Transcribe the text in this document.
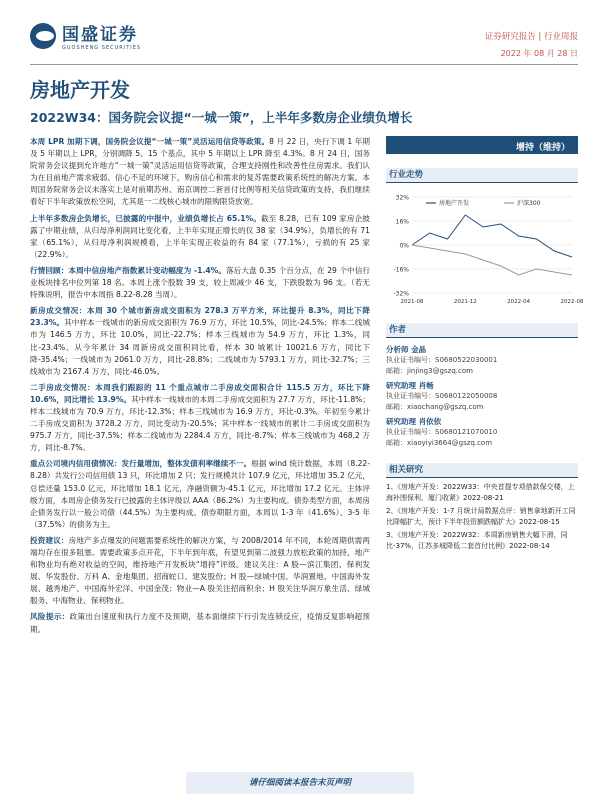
国盛证券
GUOSHENG SECURITIES
证券研究报告 | 行业周报
2022 年 08 月 28 日
房地产开发
2022W34：国务院会议提“一城一策”，上半年多数房企业绩负增长

本周 LPR 加期下调，国务院会议提“一城一策”灵活运用信贷等政策。8 月 22 日，央行下调 1 年期及 5 年期以上 LPR，分别调降 5、15 个基点，其中 5 年期以上 LPR 降至 4.3%。8 月 24 日，国务院常务会议提到允许地方“一城一策”灵活运用信贷等政策，合理支持刚性和改善性住房需求。我们认为在目前地产需求疲弱、信心不足的环境下，购房信心和需求的复苏需要政策系统性的解决方案。本周国务院常务会议未落实上是对前期苏州、南京调控二套首付比例等相关信贷政策的支持，我们继续看好下半年政策放松空间，尤其是一二线核心城市的限购限贷放宽。

上半年多数房企负增长，已披露的中报中，业绩负增长占 65.1%。截至 8.28，已有 109 家房企披露了中期业绩，从归母净利润同比变化看，上半年实现正增长的仅 38 家（34.9%），负增长的有 71 家（65.1%），从归母净利润规模看，上半年实现正收益的有 84 家（77.1%），亏损的有 25 家（22.9%）。

行情回顾：本周中信房地产指数累计变动幅度为 -1.4%。落后大盘 0.35 个百分点，在 29 个中信行业板块排名中位列第 18 名。本周上涨个股数 39 支，较上周减少 46 支，下跌股数为 96 支。（若无特殊说明，报告中本周指 8.22-8.28 当周）。

新房成交情况：本周 30 个城市新房成交面积为 278.3 万平方米，环比提升 8.3%，同比下降 23.3%。其中样本一线城市的新房成交面积为 76.9 万方，环比 10.5%，同比-24.5%；样本二线城市为 146.5 万方，环比 10.0%，同比-22.7%；样本三线城市为 54.9 万方，环比 1.3%，同比-23.4%。从今年累计 34 周新房成交面积同比看，样本 30 城累计 10021.6 万方，同比下降-35.4%；一线城市为 2061.0 万方，同比-28.8%；二线城市为 5793.1 万方，同比-32.7%；三线城市为 2167.4 万方，同比-46.0%。

二手房成交情况：本周我们跟踪的 11 个重点城市二手房成交面积合计 115.5 万方，环比下降 10.6%，同比增长 13.9%。其中样本一线城市的本周二手房成交面积为 27.7 万方，环比-11.8%；样本二线城市为 70.9 万方，环比-12.3%；样本三线城市为 16.9 万方，环比-0.3%。年初至今累计二手房成交面积为 3728.2 万方，同比变动为-20.5%；其中样本一线城市的累计二手房成交面积为 975.7 万方，同比-37.5%；样本二线城市为 2284.4 万方，同比-8.7%；样本三线城市为 468.2 万方，同比-8.7%。

重点公司境内信用债情况：发行量增加，整体发债利率继续不一。根据 wind 统计数据，本周（8.22-8.28）共发行公司信用债 13 只，环比增加 2 只；发行规模共计 107.9 亿元，环比增加 35.2 亿元，总偿还量 153.0 亿元，环比增加 18.1 亿元，净融资额为-45.1 亿元，环比增加 17.2 亿元。主体评级方面，本周房企债务发行已披露的主体评级以 AAA（86.2%）为主要构成。债券类型方面，本周房企债务发行以一般公司债（44.5%）为主要构成。债券期限方面，本周以 1-3 年（41.6%）、3-5 年（37.5%）的债务为主。

投资建议：房地产多点爆发的问题需要系统性的解决方案，与 2008/2014 年不同，本轮周期供需两端均存在很多阻塞。需要政策多点开花，下半年到年底，有望见到第二波强力放松政策的加持，地产和物业均有绝对收益的空间，维持地产开发板块“增持”评级。建议关注：A 股—滨江集团、保利发展、华发股份、万科 A、金地集团、招商蛇口、建发股份；H 股—绿城中国、华润置地、中国海外发展、越秀地产、中国海外宏洋、中国金茂；物业—A 股关注招商积余；H 股关注华润万象生活、绿城服务、中海物业、保利物业。

风险提示：政策出台速度和执行力度不及预期，基本面继续下行引发连锁反应，疫情反复影响超预期。

增持（维持）
行业走势
32%
16%
0%
-16%
-32%
2021-08	2021-12	2022-04	2022-08
房地产开发	沪深300
作者
分析师 金晶
执业证书编号：S0680522030001
邮箱：jinjing3@gszq.com
研究助理 肖畅
执业证书编号：S0680122050008
邮箱：xiaochang@gszq.com
研究助理 肖依依
执业证书编号：S0680121070010
邮箱：xiaoyiyi3664@gszq.com
相关研究

1、《房地产开发：2022W33：中央首提专项借款保交楼，上海补围保利、厦门收紧》2022-08-21

2、《房地产开发：1-7 月统计局数据点评：销售拿地新开工同比降幅扩大，预计下半年投资额跌幅扩大》2022-08-15

3、《房地产开发：2022W32：本周新房销售大幅下滑，同比-37%，江苏多城降低二套首付比例》2022-08-14

请仔细阅读本报告末页声明
